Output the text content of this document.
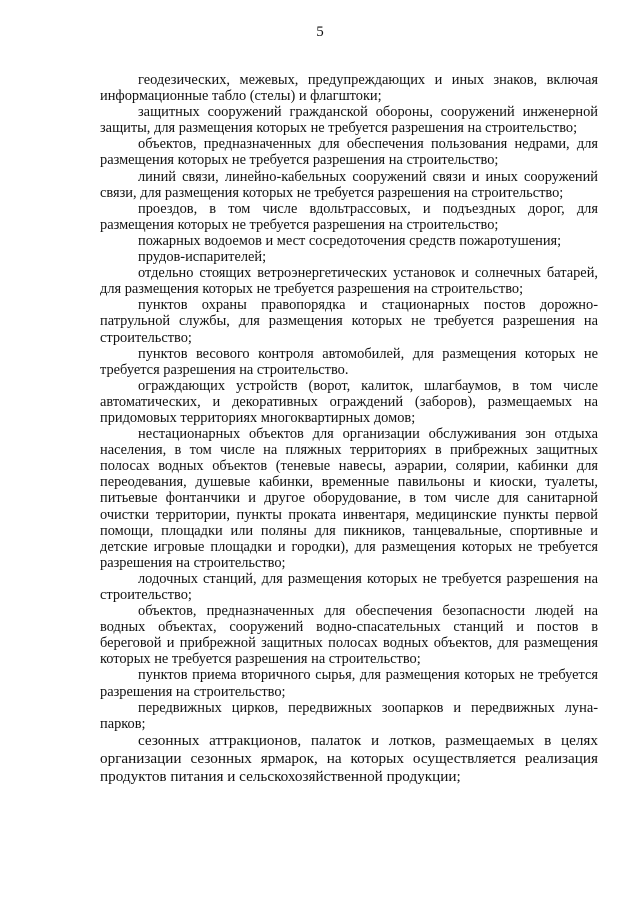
5

геодезических, межевых, предупреждающих и иных знаков, включая информационные табло (стелы) и флагштоки;

защитных сооружений гражданской обороны, сооружений инженерной защиты, для размещения которых не требуется разрешения на строительство;

объектов, предназначенных для обеспечения пользования недрами, для размещения которых не требуется разрешения на строительство;

линий связи, линейно-кабельных сооружений связи и иных сооружений связи, для размещения которых не требуется разрешения на строительство;

проездов, в том числе вдольтрассовых, и подъездных дорог, для размещения которых не требуется разрешения на строительство;

пожарных водоемов и мест сосредоточения средств пожаротушения;

прудов-испарителей;

отдельно стоящих ветроэнергетических установок и солнечных батарей, для размещения которых не требуется разрешения на строительство;

пунктов охраны правопорядка и стационарных постов дорожно-патрульной службы, для размещения которых не требуется разрешения на строительство;

пунктов весового контроля автомобилей, для размещения которых не требуется разрешения на строительство.

ограждающих устройств (ворот, калиток, шлагбаумов, в том числе автоматических, и декоративных ограждений (заборов), размещаемых на придомовых территориях многоквартирных домов;

нестационарных объектов для организации обслуживания зон отдыха населения, в том числе на пляжных территориях в прибрежных защитных полосах водных объектов (теневые навесы, аэрарии, солярии, кабинки для переодевания, душевые кабинки, временные павильоны и киоски, туалеты, питьевые фонтанчики и другое оборудование, в том числе для санитарной очистки территории, пункты проката инвентаря, медицинские пункты первой помощи, площадки или поляны для пикников, танцевальные, спортивные и детские игровые площадки и городки), для размещения которых не требуется разрешения на строительство;

лодочных станций, для размещения которых не требуется разрешения на строительство;

объектов, предназначенных для обеспечения безопасности людей на водных объектах, сооружений водно-спасательных станций и постов в береговой и прибрежной защитных полосах водных объектов, для размещения которых не требуется разрешения на строительство;

пунктов приема вторичного сырья, для размещения которых не требуется разрешения на строительство;

передвижных цирков, передвижных зоопарков и передвижных луна-парков;

сезонных аттракционов, палаток и лотков, размещаемых в целях организации сезонных ярмарок, на которых осуществляется реализация продуктов питания и сельскохозяйственной продукции;
